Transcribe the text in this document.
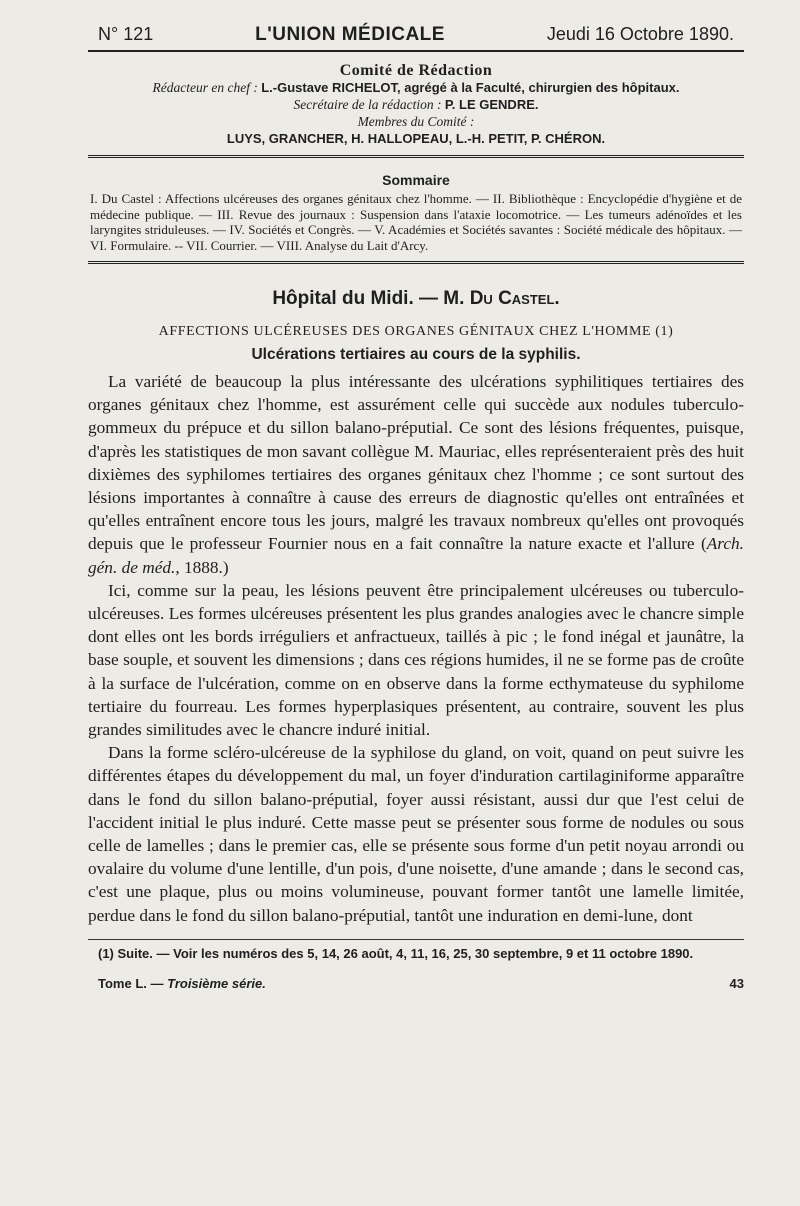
N° 121	L'UNION MÉDICALE	Jeudi 16 Octobre 1890.
Comité de Rédaction
Rédacteur en chef : L.-Gustave RICHELOT, agrégé à la Faculté, chirurgien des hôpitaux.
Secrétaire de la rédaction : P. LE GENDRE.
Membres du Comité :
LUYS, GRANCHER, H. HALLOPEAU, L.-H. PETIT, P. CHÉRON.
Sommaire
I. Du Castel : Affections ulcéreuses des organes génitaux chez l'homme. — II. Bibliothèque : Encyclopédie d'hygiène et de médecine publique. — III. Revue des journaux : Suspension dans l'ataxie locomotrice. — Les tumeurs adénoïdes et les laryngites striduleuses. — IV. Sociétés et Congrès. — V. Académies et Sociétés savantes : Société médicale des hôpitaux. — VI. Formulaire. -- VII. Courrier. — VIII. Analyse du Lait d'Arcy.
Hôpital du Midi. — M. Du Castel.
AFFECTIONS ULCÉREUSES DES ORGANES GÉNITAUX CHEZ L'HOMME (1)
Ulcérations tertiaires au cours de la syphilis.

La variété de beaucoup la plus intéressante des ulcérations syphilitiques tertiaires des organes génitaux chez l'homme, est assurément celle qui succède aux nodules tuberculo-gommeux du prépuce et du sillon balano-préputial. Ce sont des lésions fréquentes, puisque, d'après les statistiques de mon savant collègue M. Mauriac, elles représenteraient près des huit dixièmes des syphilomes tertiaires des organes génitaux chez l'homme ; ce sont surtout des lésions importantes à connaître à cause des erreurs de diagnostic qu'elles ont entraînées et qu'elles entraînent encore tous les jours, malgré les travaux nombreux qu'elles ont provoqués depuis que le professeur Fournier nous en a fait connaître la nature exacte et l'allure (Arch. gén. de méd., 1888.)

Ici, comme sur la peau, les lésions peuvent être principalement ulcéreuses ou tuberculo-ulcéreuses. Les formes ulcéreuses présentent les plus grandes analogies avec le chancre simple dont elles ont les bords irréguliers et anfractueux, taillés à pic ; le fond inégal et jaunâtre, la base souple, et souvent les dimensions ; dans ces régions humides, il ne se forme pas de croûte à la surface de l'ulcération, comme on en observe dans la forme ecthymateuse du syphilome tertiaire du fourreau. Les formes hyperplasiques présentent, au contraire, souvent les plus grandes similitudes avec le chancre induré initial.

Dans la forme scléro-ulcéreuse de la syphilose du gland, on voit, quand on peut suivre les différentes étapes du développement du mal, un foyer d'induration cartilaginiforme apparaître dans le fond du sillon balano-préputial, foyer aussi résistant, aussi dur que l'est celui de l'accident initial le plus induré. Cette masse peut se présenter sous forme de nodules ou sous celle de lamelles ; dans le premier cas, elle se présente sous forme d'un petit noyau arrondi ou ovalaire du volume d'une lentille, d'un pois, d'une noisette, d'une amande ; dans le second cas, c'est une plaque, plus ou moins volumineuse, pouvant former tantôt une lamelle limitée, perdue dans le fond du sillon balano-préputial, tantôt une induration en demi-lune, dont

(1) Suite. — Voir les numéros des 5, 14, 26 août, 4, 11, 16, 25, 30 septembre, 9 et 11 octobre 1890.
Tome L. — Troisième série.	43
